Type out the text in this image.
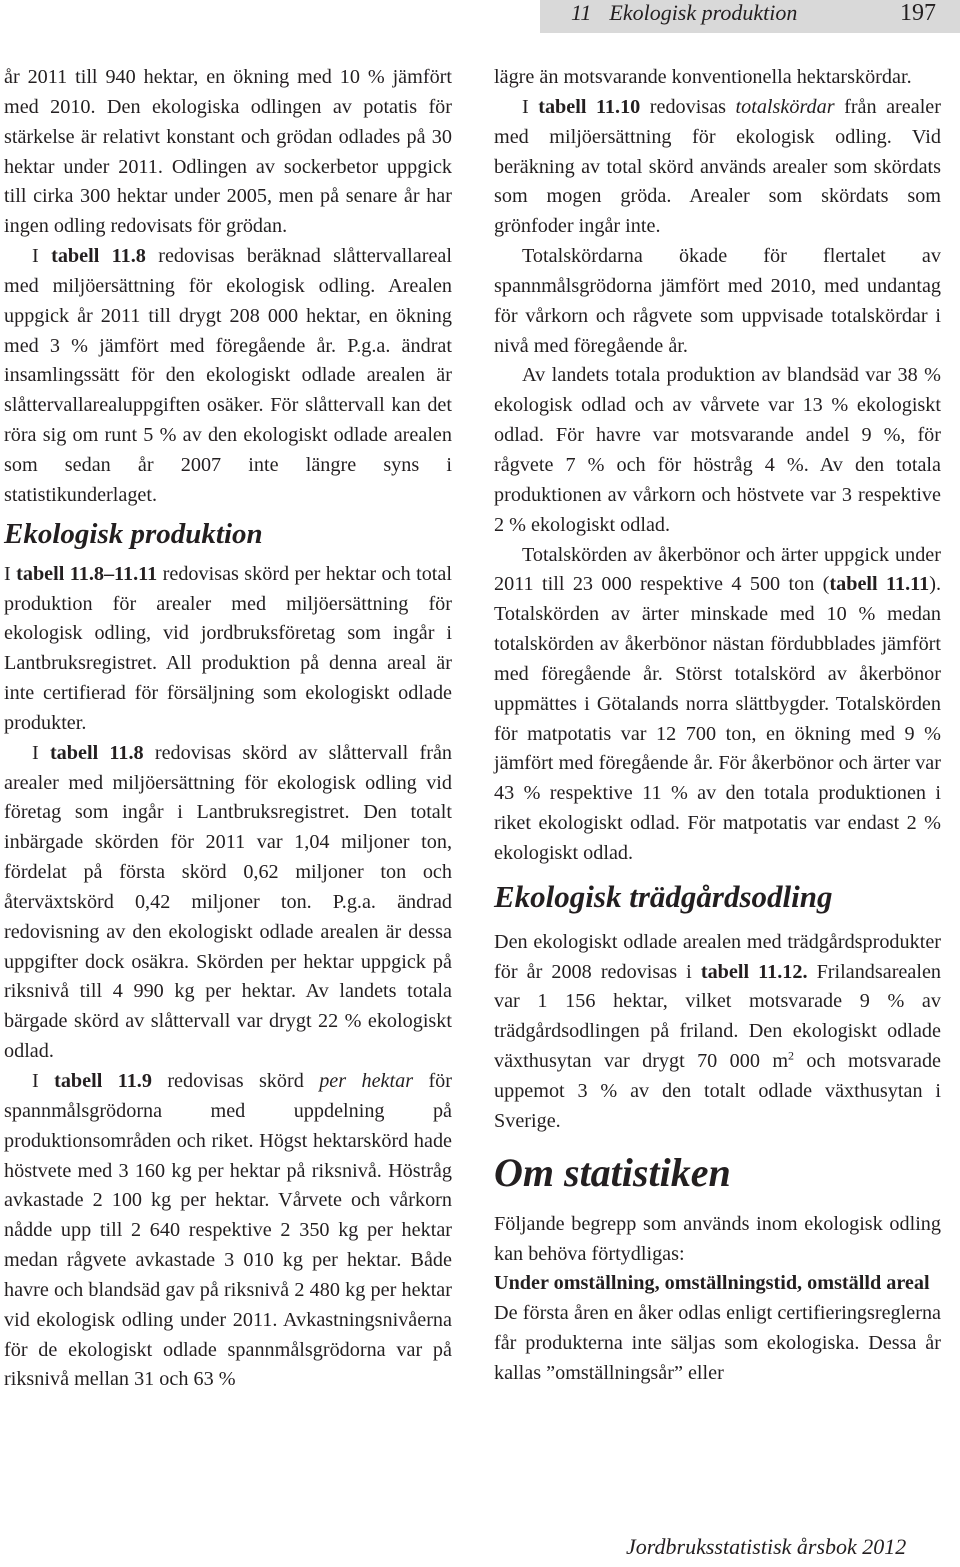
11 Ekologisk produktion	197

år 2011 till 940 hektar, en ökning med 10 % jämfört med 2010. Den ekologiska odlingen av potatis för stärkelse är relativt konstant och grödan odlades på 30 hektar under 2011. Odlingen av sockerbetor uppgick till cirka 300 hektar under 2005, men på senare år har ingen odling redovisats för grödan.

I tabell 11.8 redovisas beräknad slåttervallareal med miljöersättning för ekologisk odling. Arealen uppgick år 2011 till drygt 208 000 hektar, en ökning med 3 % jämfört med föregående år. P.g.a. ändrat insamlingssätt för den ekologiskt odlade arealen är slåttervallarealuppgiften osäker. För slåttervall kan det röra sig om runt 5 % av den ekologiskt odlade arealen som sedan år 2007 inte längre syns i statistikunderlaget.

Ekologisk produktion

I tabell 11.8–11.11 redovisas skörd per hektar och total produktion för arealer med miljöersättning för ekologisk odling, vid jordbruksföretag som ingår i Lantbruksregistret. All produktion på denna areal är inte certifierad för försäljning som ekologiskt odlade produkter.

I tabell 11.8 redovisas skörd av slåttervall från arealer med miljöersättning för ekologisk odling vid företag som ingår i Lantbruksregistret. Den totalt inbärgade skörden för 2011 var 1,04 miljoner ton, fördelat på första skörd 0,62 miljoner ton och återväxtskörd 0,42 miljoner ton. P.g.a. ändrad redovisning av den ekologiskt odlade arealen är dessa uppgifter dock osäkra. Skörden per hektar uppgick på riksnivå till 4 990 kg per hektar. Av landets totala bärgade skörd av slåttervall var drygt 22 % ekologiskt odlad.

I tabell 11.9 redovisas skörd per hektar för spannmålsgrödorna med uppdelning på produktionsområden och riket. Högst hektarskörd hade höstvete med 3 160 kg per hektar på riksnivå. Höstråg avkastade 2 100 kg per hektar. Vårvete och vårkorn nådde upp till 2 640 respektive 2 350 kg per hektar medan rågvete avkastade 3 010 kg per hektar. Både havre och blandsäd gav på riksnivå 2 480 kg per hektar vid ekologisk odling under 2011. Avkastningsnivåerna för de ekologiskt odlade spannmålsgrödorna var på riksnivå mellan 31 och 63 %

lägre än motsvarande konventionella hektarskördar.

I tabell 11.10 redovisas totalskördar från arealer med miljöersättning för ekologisk odling. Vid beräkning av total skörd används arealer som skördats som mogen gröda. Arealer som skördats som grönfoder ingår inte.

Totalskördarna ökade för flertalet av spannmålsgrödorna jämfört med 2010, med undantag för vårkorn och rågvete som uppvisade totalskördar i nivå med föregående år.

Av landets totala produktion av blandsäd var 38 % ekologisk odlad och av vårvete var 13 % ekologiskt odlad. För havre var motsvarande andel 9 %, för rågvete 7 % och för höstråg 4 %. Av den totala produktionen av vårkorn och höstvete var 3 respektive 2 % ekologiskt odlad.

Totalskörden av åkerbönor och ärter uppgick under 2011 till 23 000 respektive 4 500 ton (tabell 11.11). Totalskörden av ärter minskade med 10 % medan totalskörden av åkerbönor nästan fördubblades jämfört med föregående år. Störst totalskörd av åkerbönor uppmättes i Götalands norra slättbygder. Totalskörden för matpotatis var 12 700 ton, en ökning med 9 % jämfört med föregående år. För åkerbönor och ärter var 43 % respektive 11 % av den totala produktionen i riket ekologiskt odlad. För matpotatis var endast 2 % ekologiskt odlad.

Ekologisk trädgårdsodling

Den ekologiskt odlade arealen med trädgårdsprodukter för år 2008 redovisas i tabell 11.12. Frilandsarealen var 1 156 hektar, vilket motsvarade 9 % av trädgårdsodlingen på friland. Den ekologiskt odlade växthusytan var drygt 70 000 $m^2$ och motsvarade uppemot 3 % av den totalt odlade växthusytan i Sverige.

Om statistiken

Följande begrepp som används inom ekologisk odling kan behöva förtydligas:

Under omställning, omställningstid, omställd areal

De första åren en åker odlas enligt certifieringsreglerna får produkterna inte säljas som ekologiska. Dessa år kallas ”omställningsår” eller

Jordbruksstatistisk årsbok 2012
